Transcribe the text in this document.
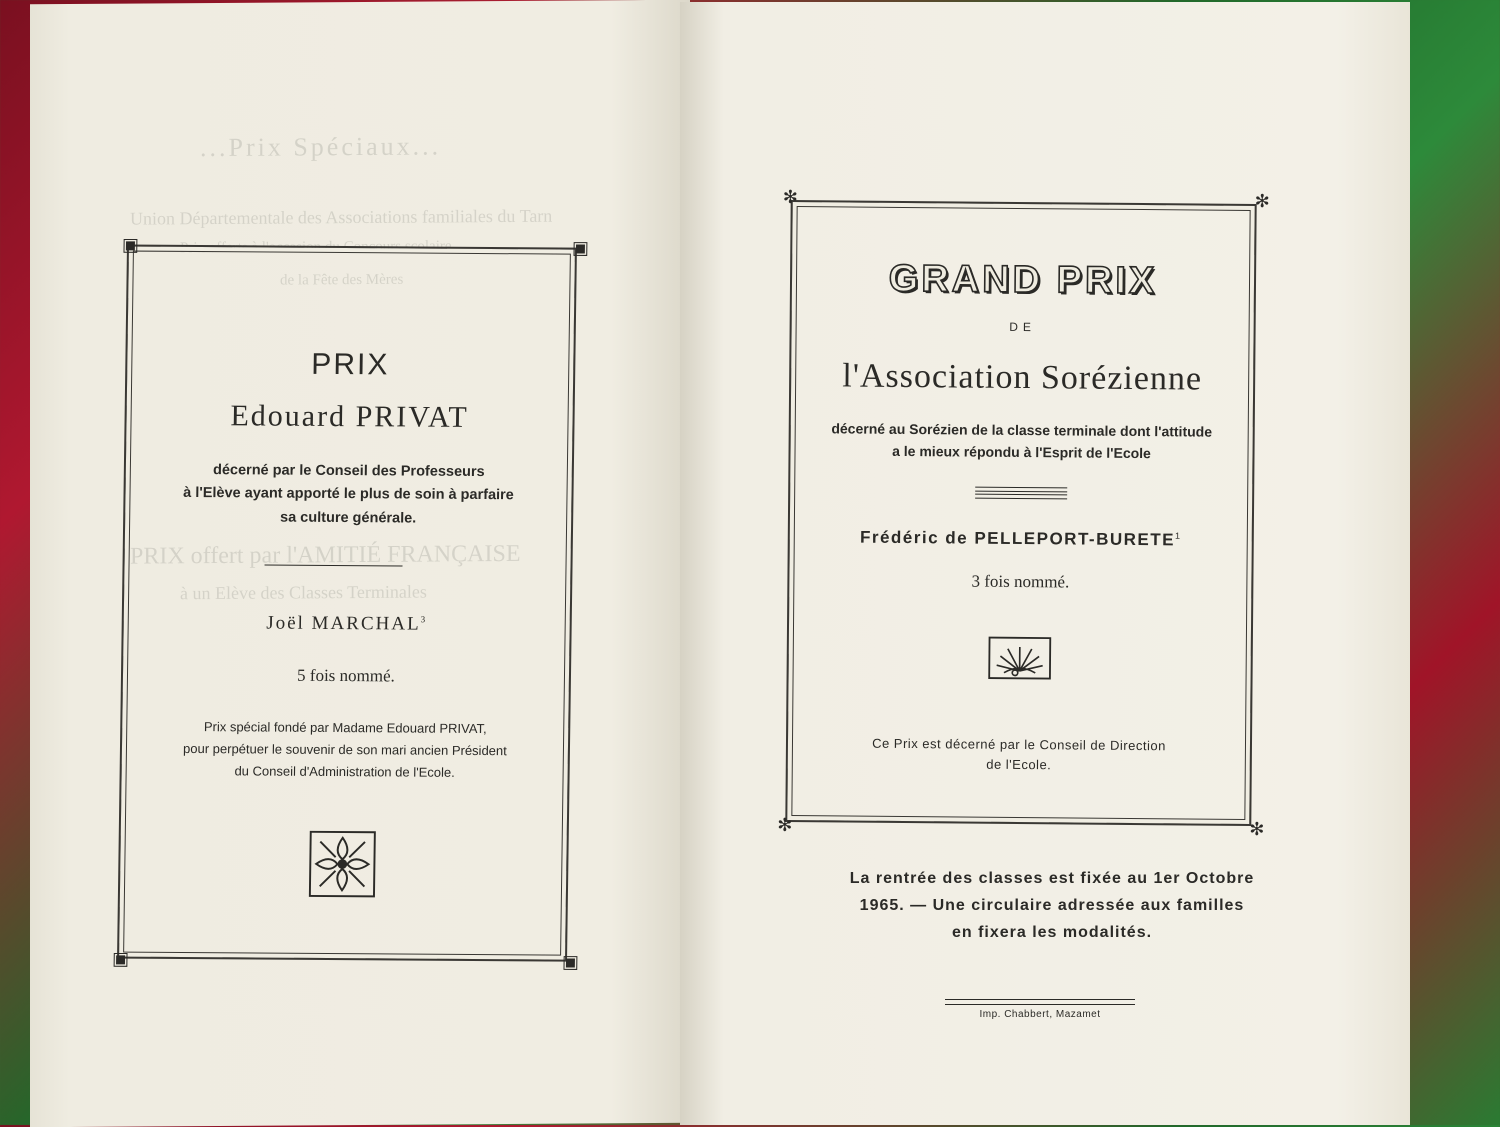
...Prix Spéciaux...
Union Départementale des Associations familiales du Tarn
Prix offerts à l'occasion du Concours scolaire
de la Fête des Mères
PRIX offert par l'AMITIÉ FRANÇAISE
à un Elève des Classes Terminales
▣	▣
▣	▣
PRIX
Edouard PRIVAT
décerné par le Conseil des Professeurs
à l'Elève ayant apporté le plus de soin à parfaire
sa culture générale.
Joël MARCHAL$^3$
5 fois nommé.
Prix spécial fondé par Madame Edouard PRIVAT,
pour perpétuer le souvenir de son mari ancien Président
du Conseil d'Administration de l'Ecole.
✻	✻
✻	✻
GRAND PRIX
DE
l'Association Sorézienne
décerné au Sorézien de la classe terminale dont l'attitude
a le mieux répondu à l'Esprit de l'Ecole
Frédéric de PELLEPORT-BURETE$^1$
3 fois nommé.
Ce Prix est décerné par le Conseil de Direction
de l'Ecole.
La rentrée des classes est fixée au 1er Octobre
1965. — Une circulaire adressée aux familles
en fixera les modalités.
Imp. Chabbert, Mazamet
